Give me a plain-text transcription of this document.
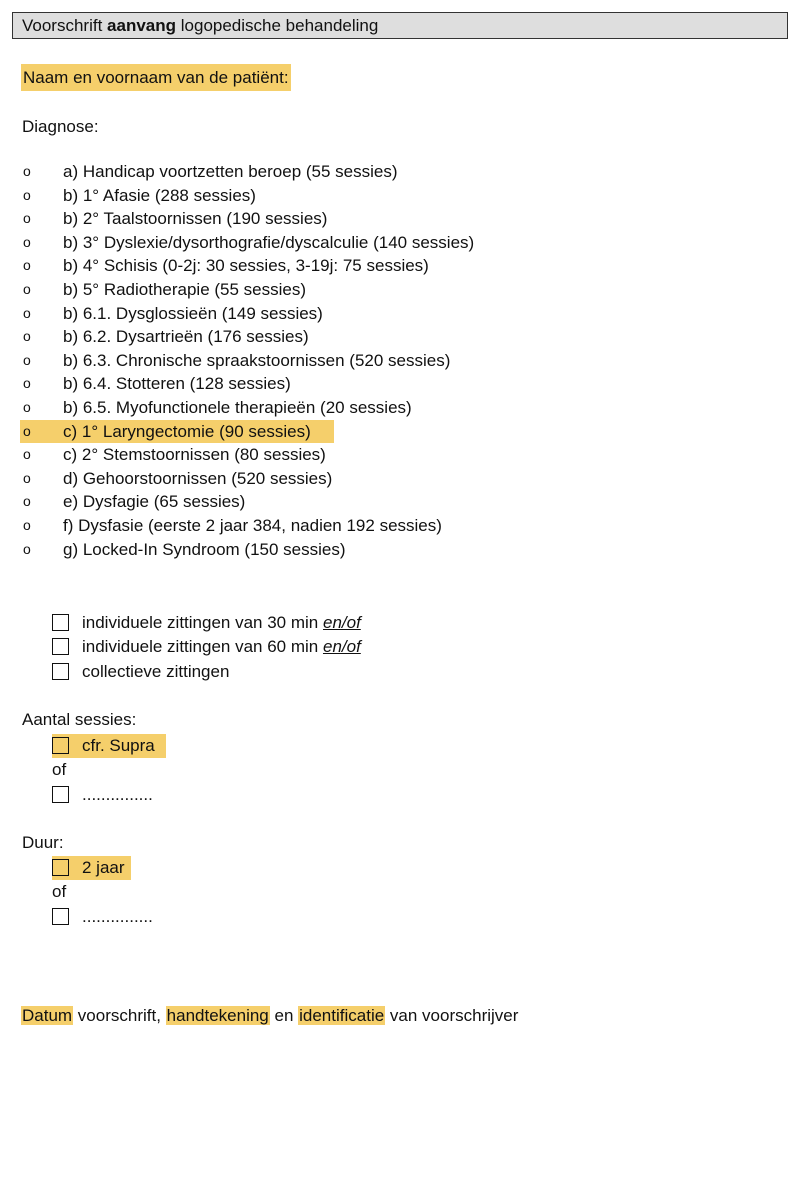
Voorschrift aanvang logopedische behandeling
Naam en voornaam van de patiënt:
Diagnose:
o a) Handicap voortzetten beroep (55 sessies)
o b) 1° Afasie (288 sessies)
o b) 2° Taalstoornissen (190 sessies)
o b) 3° Dyslexie/dysorthografie/dyscalculie (140 sessies)
o b) 4° Schisis (0-2j: 30 sessies, 3-19j: 75 sessies)
o b) 5° Radiotherapie (55 sessies)
o b) 6.1. Dysglossieën (149 sessies)
o b) 6.2. Dysartrieën (176 sessies)
o b) 6.3. Chronische spraakstoornissen (520 sessies)
o b) 6.4. Stotteren (128 sessies)
o b) 6.5. Myofunctionele therapieën (20 sessies)
o c) 1° Laryngectomie (90 sessies)
o c) 2° Stemstoornissen (80 sessies)
o d) Gehoorstoornissen (520 sessies)
o e) Dysfagie (65 sessies)
o f) Dysfasie (eerste 2 jaar 384, nadien 192 sessies)
o g) Locked-In Syndroom (150 sessies)
individuele zittingen van 30 min en/of
individuele zittingen van 60 min en/of
collectieve zittingen
Aantal sessies:
cfr. Supra
of
...............
Duur:
2 jaar
of
...............
Datum voorschrift, handtekening en identificatie van voorschrijver
